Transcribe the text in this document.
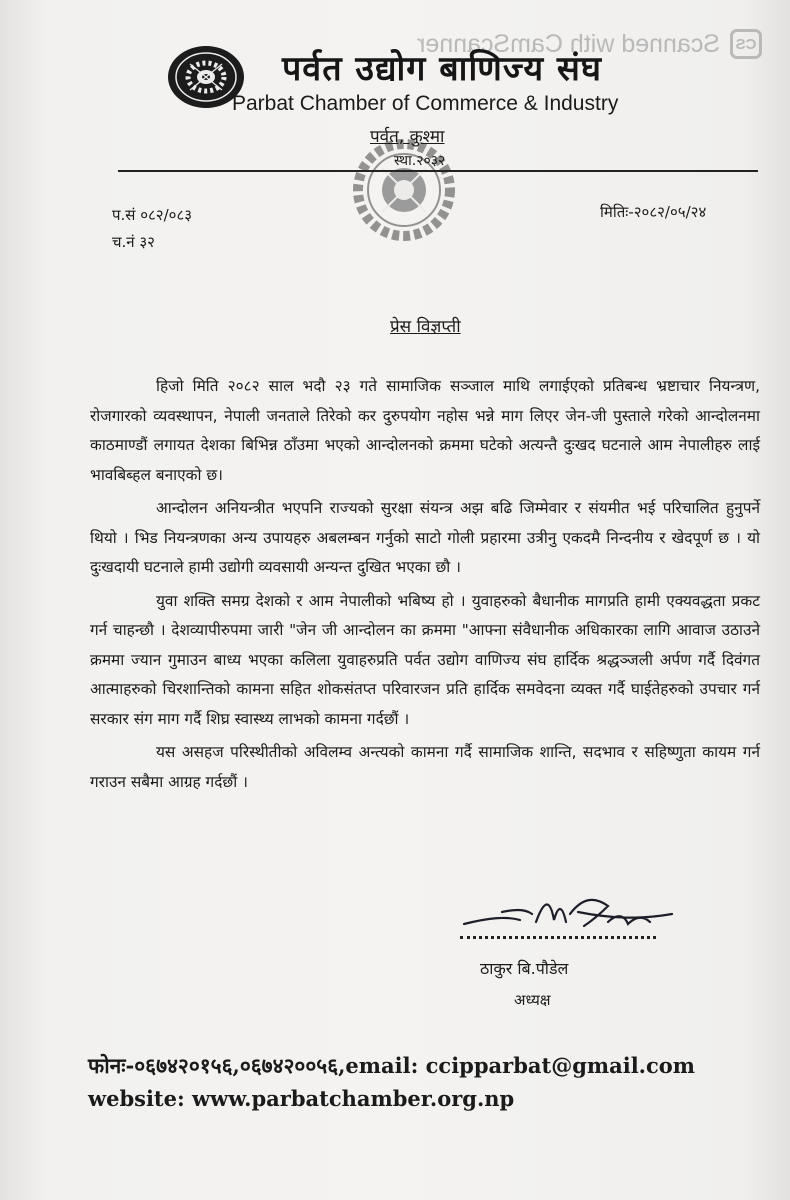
CS
Scanned with CamScanner
पर्वत उद्योग बाणिज्य संघ
Parbat Chamber of Commerce & Industry
पर्वत, कुश्मा
स्था.२०३२
प.सं ०८२/०८३
च.नं ३२
मितिः-२०८२/०५/२४
प्रेस विज्ञप्ती

हिजो मिति २०८२ साल भदौ २३ गते सामाजिक सञ्जाल माथि लगाईएको प्रतिबन्ध भ्रष्टाचार नियन्त्रण, रोजगारको व्यवस्थापन, नेपाली जनताले तिरेको कर दुरुपयोग नहोस भन्ने माग लिएर जेन-जी पुस्ताले गरेको आन्दोलनमा काठमाण्डौं लगायत देशका बिभिन्न ठाँउमा भएको आन्दोलनको क्रममा घटेको अत्यन्तै दुःखद घटनाले आम नेपालीहरु लाई भावबिब्हल बनाएको छ।

आन्दोलन अनियन्त्रीत भएपनि राज्यको सुरक्षा संयन्त्र अझ बढि जिम्मेवार र संयमीत भई परिचालित हुनुपर्ने थियो । भिड नियन्त्रणका अन्य उपायहरु अबलम्बन गर्नुको साटो गोली प्रहारमा उत्रीनु एकदमै निन्दनीय र खेदपूर्ण छ । यो दुःखदायी घटनाले हामी उद्योगी व्यवसायी अन्यन्त दुखित भएका छौ ।

युवा शक्ति समग्र देशको र आम नेपालीको भबिष्य हो । युवाहरुको बैधानीक मागप्रति हामी एक्यवद्धता प्रकट गर्न चाहन्छौ । देशव्यापीरुपमा जारी "जेन जी आन्दोलन का क्रममा "आफ्ना संवैधानीक अधिकारका लागि आवाज उठाउने क्रममा ज्यान गुमाउन बाध्य भएका कलिला युवाहरुप्रति पर्वत उद्योग वाणिज्य संघ हार्दिक श्रद्धञ्जली अर्पण गर्दै दिवंगत आत्माहरुको चिरशान्तिको कामना सहित शोकसंतप्त परिवारजन प्रति हार्दिक समवेदना व्यक्त गर्दै घाईतेहरुको उपचार गर्न सरकार संग माग गर्दै शिघ्र स्वास्थ्य लाभको कामना गर्दछौं ।

यस असहज परिस्थीतीको अविलम्व अन्त्यको कामना गर्दै सामाजिक शान्ति, सदभाव र सहिष्णुता कायम गर्न गराउन सबैमा आग्रह गर्दछौं ।

ठाकुर बि.पौडेल
अध्यक्ष
फोनः-०६७४२०१५६,०६७४२००५६,email: ccipparbat@gmail.com
website: www.parbatchamber.org.np
